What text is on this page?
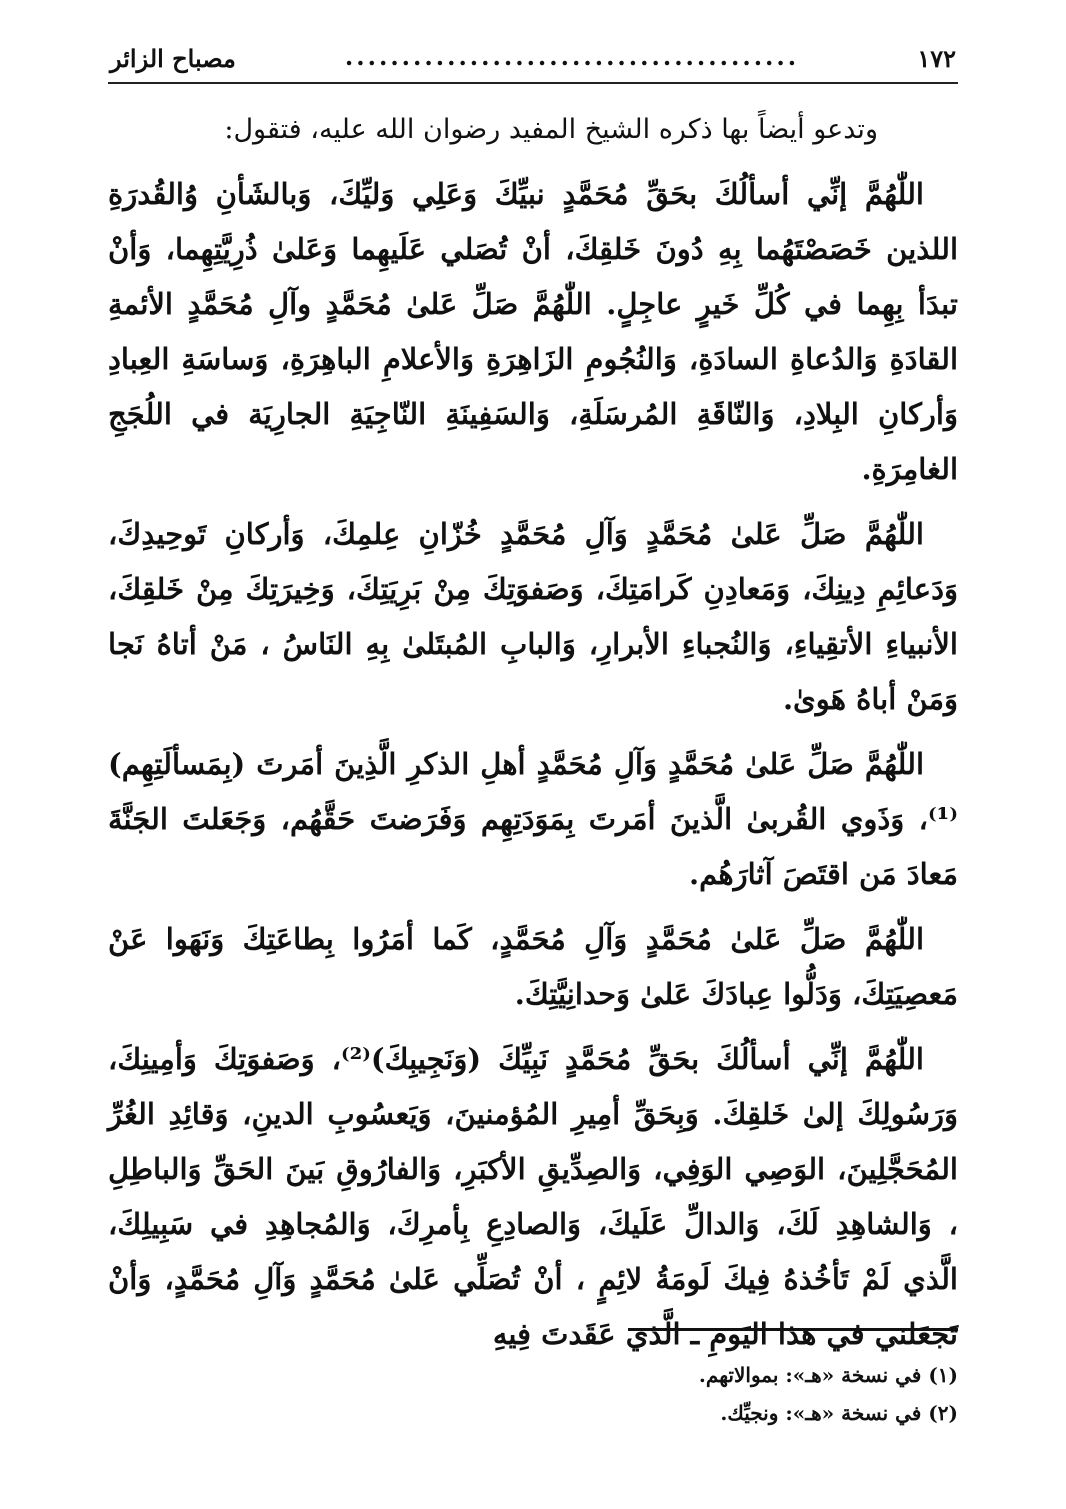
١٧٢
........................................
مصباح الزائر

وتدعو أيضاً بها ذكره الشيخ المفيد رضوان الله عليه، فتقول:

اللّٰهُمَّ إنِّي أسألُكَ بحَقِّ مُحَمَّدٍ نبيِّكَ وَعَلِي وَليِّكَ، وَبالشَأنِ وُالقُدرَةِ اللذين خَصَصْتَهُما بِهِ دُونَ خَلقِكَ، أنْ تُصَلي عَلَيهِما وَعَلىٰ ذُرِيَّتِهِما، وَأنْ تبدَأ بِهِما في كُلِّ خَيرٍ عاجِلٍ. اللّٰهُمَّ صَلِّ عَلىٰ مُحَمَّدٍ وآلِ مُحَمَّدٍ الأئمةِ القادَةِ وَالدُعاةِ السادَةِ، وَالنُجُومِ الزَاهِرَةِ وَالأعلامِ الباهِرَةِ، وَساسَةِ العِبادِ وَأركانِ البِلادِ، وَالنّاقَةِ المُرسَلَةِ، وَالسَفِينَةِ النّاجِيَةِ الجارِيَة في اللُجَجِ الغامِرَةِ.

اللّٰهُمَّ صَلِّ عَلىٰ مُحَمَّدٍ وَآلِ مُحَمَّدٍ خُزّانِ عِلمِكَ، وَأركانِ تَوحِيدِكَ، وَدَعائِمِ دِينِكَ، وَمَعادِنِ كَرامَتِكَ، وَصَفوَتِكَ مِنْ بَرِيَتِكَ، وَخِيرَتِكَ مِنْ خَلقِكَ، الأنبياءِ الأتقِياءِ، وَالنُجباءِ الأبرارِ، وَالبابِ المُبتَلىٰ بِهِ النَاسُ ، مَنْ أتاهُ نَجا وَمَنْ أباهُ هَوىٰ.

اللّٰهُمَّ صَلِّ عَلىٰ مُحَمَّدٍ وَآلِ مُحَمَّدٍ أهلِ الذكرِ الَّذِينَ أمَرتَ (بِمَسألَتِهِم)⁽¹⁾، وَذَوي القُربىٰ الَّذينَ أمَرتَ بِمَوَدَتِهِم وَفَرَضتَ حَقَّهُم، وَجَعَلتَ الجَنَّةَ مَعادَ مَن اقتَصَ آثارَهُم.

اللّٰهُمَّ صَلِّ عَلىٰ مُحَمَّدٍ وَآلِ مُحَمَّدٍ، كَما أمَرُوا بِطاعَتِكَ وَنَهَوا عَنْ مَعصِيَتِكَ، وَدَلُّوا عِبادَكَ عَلىٰ وَحدانِيَّتِكَ.

اللّٰهُمَّ إنِّي أسألُكَ بحَقِّ مُحَمَّدٍ نَبِيِّكَ (وَنَجِيبِكَ)⁽²⁾، وَصَفوَتِكَ وَأمِينِكَ، وَرَسُولِكَ إلىٰ خَلقِكَ. وَبِحَقِّ أمِيرِ المُؤمنينَ، وَيَعسُوبِ الدينِ، وَقائِدِ الغُرِّ المُحَجَّلِينَ، الوَصِي الوَفِي، وَالصِدِّيقِ الأكبَرِ، وَالفارُوقِ بَينَ الحَقِّ وَالباطِلِ ، وَالشاهِدِ لَكَ، وَالدالِّ عَلَيكَ، وَالصادِعِ بِأمرِكَ، وَالمُجاهِدِ في سَبِيلِكَ، الَّذي لَمْ تَأخُذهُ فِيكَ لَومَةُ لائِمٍ ، أنْ تُصَلِّي عَلىٰ مُحَمَّدٍ وَآلِ مُحَمَّدٍ، وَأنْ تَجعَلني في هذا اليَومِ ـ الَّذي عَقَدتَ فِيهِ

(١) في نسخة «هـ»: بموالاتهم.
(٢) في نسخة «هـ»: ونجيِّك.
